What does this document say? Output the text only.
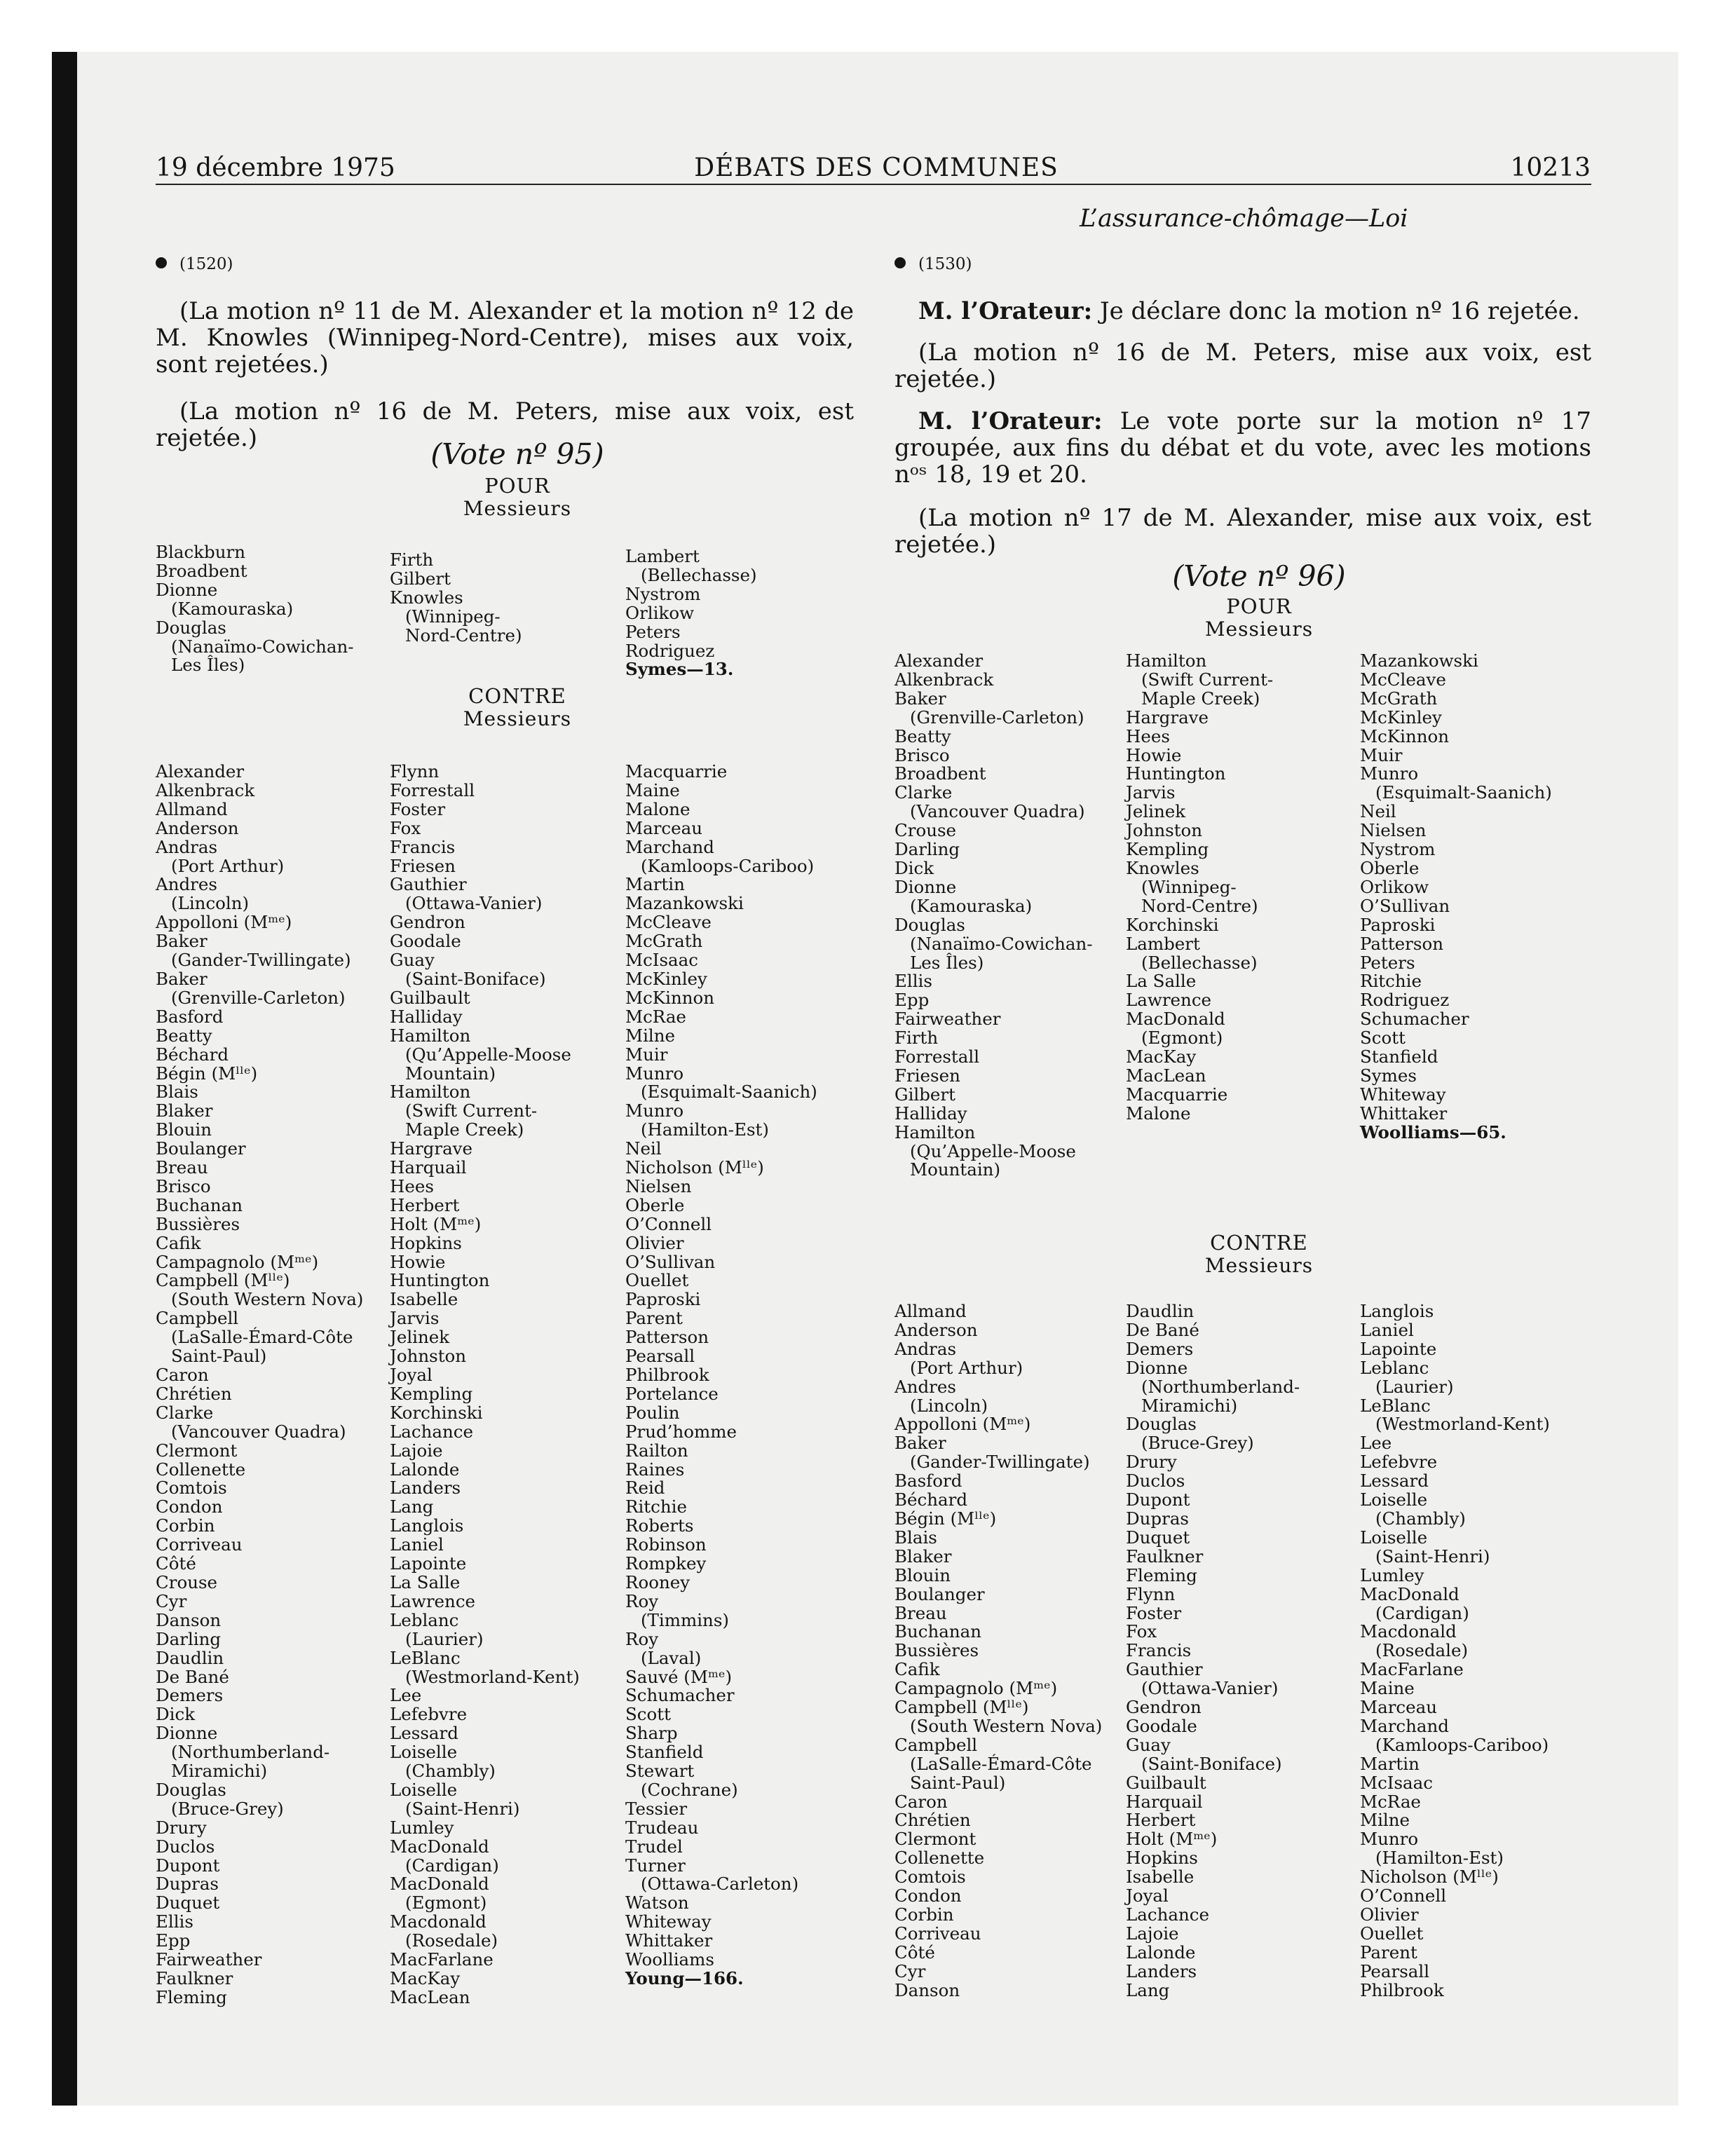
19 décembre 1975	DÉBATS DES COMMUNES	10213
L’assurance-chômage—Loi
(1520)
(La motion nº 11 de M. Alexander et la motion nº 12 de M. Knowles (Winnipeg-Nord-Centre), mises aux voix, sont rejetées.)
(La motion nº 16 de M. Peters, mise aux voix, est rejetée.)	(Vote nº 95)
POUR
Messieurs
Blackburn
Broadbent
Dionne
(Kamouraska)
Douglas
(Nanaïmo-Cowichan-
Les Îles)
Firth
Gilbert
Knowles
(Winnipeg-
Nord-Centre)
Lambert
(Bellechasse)
Nystrom
Orlikow
Peters
Rodriguez
Symes—13.
CONTRE
Messieurs
Alexander
Alkenbrack
Allmand
Anderson
Andras
(Port Arthur)
Andres
(Lincoln)
Appolloni (Mᵐᵉ)
Baker
(Gander-Twillingate)
Baker
(Grenville-Carleton)
Basford
Beatty
Béchard
Bégin (Mˡˡᵉ)
Blais
Blaker
Blouin
Boulanger
Breau
Brisco
Buchanan
Bussières
Cafik
Campagnolo (Mᵐᵉ)
Campbell (Mˡˡᵉ)
(South Western Nova)
Campbell
(LaSalle-Émard-Côte
Saint-Paul)
Caron
Chrétien
Clarke
(Vancouver Quadra)
Clermont
Collenette
Comtois
Condon
Corbin
Corriveau
Côté
Crouse
Cyr
Danson
Darling
Daudlin
De Bané
Demers
Dick
Dionne
(Northumberland-
Miramichi)
Douglas
(Bruce-Grey)
Drury
Duclos
Dupont
Dupras
Duquet
Ellis
Epp
Fairweather
Faulkner
Fleming
Flynn
Forrestall
Foster
Fox
Francis
Friesen
Gauthier
(Ottawa-Vanier)
Gendron
Goodale
Guay
(Saint-Boniface)
Guilbault
Halliday
Hamilton
(Qu’Appelle-Moose
Mountain)
Hamilton
(Swift Current-
Maple Creek)
Hargrave
Harquail
Hees
Herbert
Holt (Mᵐᵉ)
Hopkins
Howie
Huntington
Isabelle
Jarvis
Jelinek
Johnston
Joyal
Kempling
Korchinski
Lachance
Lajoie
Lalonde
Landers
Lang
Langlois
Laniel
Lapointe
La Salle
Lawrence
Leblanc
(Laurier)
LeBlanc
(Westmorland-Kent)
Lee
Lefebvre
Lessard
Loiselle
(Chambly)
Loiselle
(Saint-Henri)
Lumley
MacDonald
(Cardigan)
MacDonald
(Egmont)
Macdonald
(Rosedale)
MacFarlane
MacKay
MacLean
Macquarrie
Maine
Malone
Marceau
Marchand
(Kamloops-Cariboo)
Martin
Mazankowski
McCleave
McGrath
McIsaac
McKinley
McKinnon
McRae
Milne
Muir
Munro
(Esquimalt-Saanich)
Munro
(Hamilton-Est)
Neil
Nicholson (Mˡˡᵉ)
Nielsen
Oberle
O’Connell
Olivier
O’Sullivan
Ouellet
Paproski
Parent
Patterson
Pearsall
Philbrook
Portelance
Poulin
Prud’homme
Railton
Raines
Reid
Ritchie
Roberts
Robinson
Rompkey
Rooney
Roy
(Timmins)
Roy
(Laval)
Sauvé (Mᵐᵉ)
Schumacher
Scott
Sharp
Stanfield
Stewart
(Cochrane)
Tessier
Trudeau
Trudel
Turner
(Ottawa-Carleton)
Watson
Whiteway
Whittaker
Woolliams
Young—166.
(1530)
M. l’Orateur: Je déclare donc la motion nº 16 rejetée.
(La motion nº 16 de M. Peters, mise aux voix, est rejetée.)
M. l’Orateur: Le vote porte sur la motion nº 17 groupée, aux fins du débat et du vote, avec les motions nᵒˢ 18, 19 et 20.
(La motion nº 17 de M. Alexander, mise aux voix, est rejetée.)
(Vote nº 96)
POUR
Messieurs
Alexander
Alkenbrack
Baker
(Grenville-Carleton)
Beatty
Brisco
Broadbent
Clarke
(Vancouver Quadra)
Crouse
Darling
Dick
Dionne
(Kamouraska)
Douglas
(Nanaïmo-Cowichan-
Les Îles)
Ellis
Epp
Fairweather
Firth
Forrestall
Friesen
Gilbert
Halliday
Hamilton
(Qu’Appelle-Moose
Mountain)
Hamilton
(Swift Current-
Maple Creek)
Hargrave
Hees
Howie
Huntington
Jarvis
Jelinek
Johnston
Kempling
Knowles
(Winnipeg-
Nord-Centre)
Korchinski
Lambert
(Bellechasse)
La Salle
Lawrence
MacDonald
(Egmont)
MacKay
MacLean
Macquarrie
Malone
Mazankowski
McCleave
McGrath
McKinley
McKinnon
Muir
Munro
(Esquimalt-Saanich)
Neil
Nielsen
Nystrom
Oberle
Orlikow
O’Sullivan
Paproski
Patterson
Peters
Ritchie
Rodriguez
Schumacher
Scott
Stanfield
Symes
Whiteway
Whittaker
Woolliams—65.
CONTRE
Messieurs
Allmand
Anderson
Andras
(Port Arthur)
Andres
(Lincoln)
Appolloni (Mᵐᵉ)
Baker
(Gander-Twillingate)
Basford
Béchard
Bégin (Mˡˡᵉ)
Blais
Blaker
Blouin
Boulanger
Breau
Buchanan
Bussières
Cafik
Campagnolo (Mᵐᵉ)
Campbell (Mˡˡᵉ)
(South Western Nova)
Campbell
(LaSalle-Émard-Côte
Saint-Paul)
Caron
Chrétien
Clermont
Collenette
Comtois
Condon
Corbin
Corriveau
Côté
Cyr
Danson
Daudlin
De Bané
Demers
Dionne
(Northumberland-
Miramichi)
Douglas
(Bruce-Grey)
Drury
Duclos
Dupont
Dupras
Duquet
Faulkner
Fleming
Flynn
Foster
Fox
Francis
Gauthier
(Ottawa-Vanier)
Gendron
Goodale
Guay
(Saint-Boniface)
Guilbault
Harquail
Herbert
Holt (Mᵐᵉ)
Hopkins
Isabelle
Joyal
Lachance
Lajoie
Lalonde
Landers
Lang
Langlois
Laniel
Lapointe
Leblanc
(Laurier)
LeBlanc
(Westmorland-Kent)
Lee
Lefebvre
Lessard
Loiselle
(Chambly)
Loiselle
(Saint-Henri)
Lumley
MacDonald
(Cardigan)
Macdonald
(Rosedale)
MacFarlane
Maine
Marceau
Marchand
(Kamloops-Cariboo)
Martin
McIsaac
McRae
Milne
Munro
(Hamilton-Est)
Nicholson (Mˡˡᵉ)
O’Connell
Olivier
Ouellet
Parent
Pearsall
Philbrook
